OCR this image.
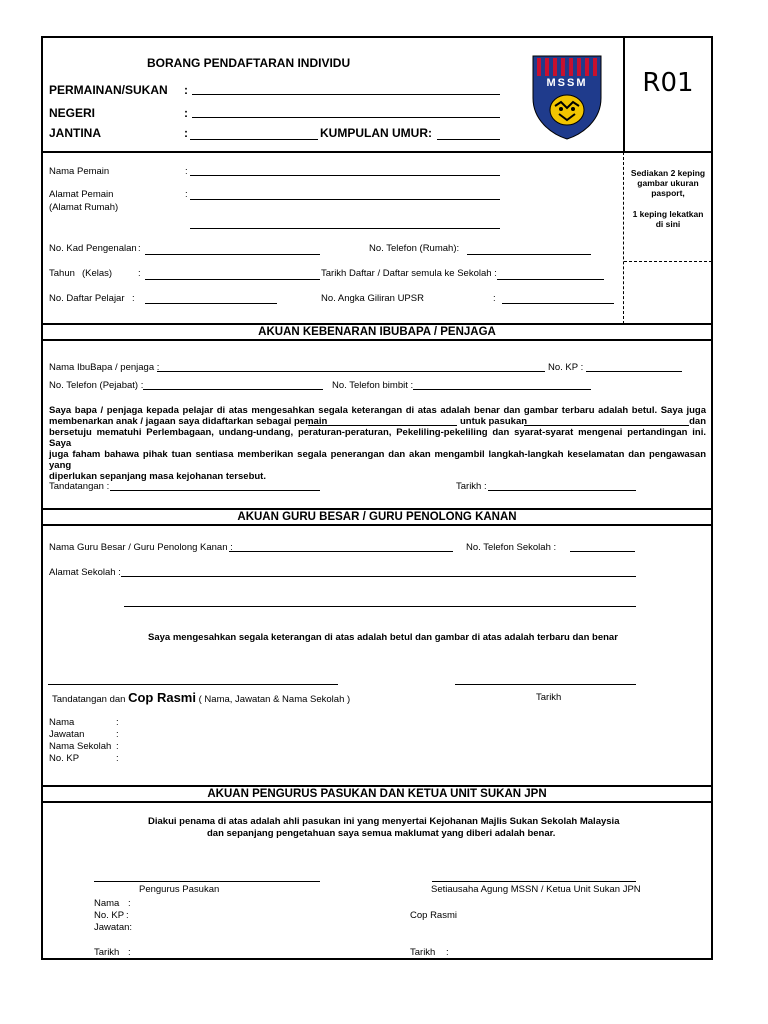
BORANG PENDAFTARAN INDIVIDU
PERMAINAN/SUKAN :
NEGERI	:
JANTINA	:	KUMPULAN UMUR:
MSSM	R01
Sediakan 2 keping
gambar ukuran
pasport,
1 keping lekatkan
di sini
Nama Pemain	:
Alamat Pemain
(Alamat Rumah)
:
No. Kad Pengenalan :	No. Telefon (Rumah):
Tahun (Kelas)	:	Tarikh Daftar / Daftar semula ke Sekolah :
No. Daftar Pelajar :	No. Angka Giliran UPSR	:
AKUAN KEBENARAN IBUBAPA / PENJAGA
Nama IbuBapa / penjaga :	No. KP :
No. Telefon (Pejabat) :	No. Telefon bimbit :
Saya bapa / penjaga kepada pelajar di atas mengesahkan segala keterangan di atas adalah benar dan gambar terbaru adalah betul. Saya juga
membenarkan anak / jagaan saya didaftarkan sebagai pemain	untuk pasukan	dan
bersetuju mematuhi Perlembagaan, undang-undang, peraturan-peraturan, Pekeliling-pekeliling dan syarat-syarat mengenai pertandingan ini. Saya
juga faham bahawa pihak tuan sentiasa memberikan segala penerangan dan akan mengambil langkah-langkah keselamatan dan pengawasan yang
diperlukan sepanjang masa kejohanan tersebut.
Tandatangan :	Tarikh :
AKUAN GURU BESAR / GURU PENOLONG KANAN
Nama Guru Besar / Guru Penolong Kanan :	No. Telefon Sekolah :
Alamat Sekolah :
Saya mengesahkan segala keterangan di atas adalah betul dan gambar di atas adalah terbaru dan benar
Tandatangan dan Cop Rasmi ( Nama, Jawatan & Nama Sekolah )	Tarikh
Nama	:
Jawatan	:
Nama Sekolah :
No. KP	:
AKUAN PENGURUS PASUKAN DAN KETUA UNIT SUKAN JPN
Diakui penama di atas adalah ahli pasukan ini yang menyertai Kejohanan Majlis Sukan Sekolah Malaysia
dan sepanjang pengetahuan saya semua maklumat yang diberi adalah benar.
Pengurus Pasukan	Setiausaha Agung MSSN / Ketua Unit Sukan JPN
Nama :
No. KP :
Jawatan:
Cop Rasmi
Tarikh :	Tarikh :
